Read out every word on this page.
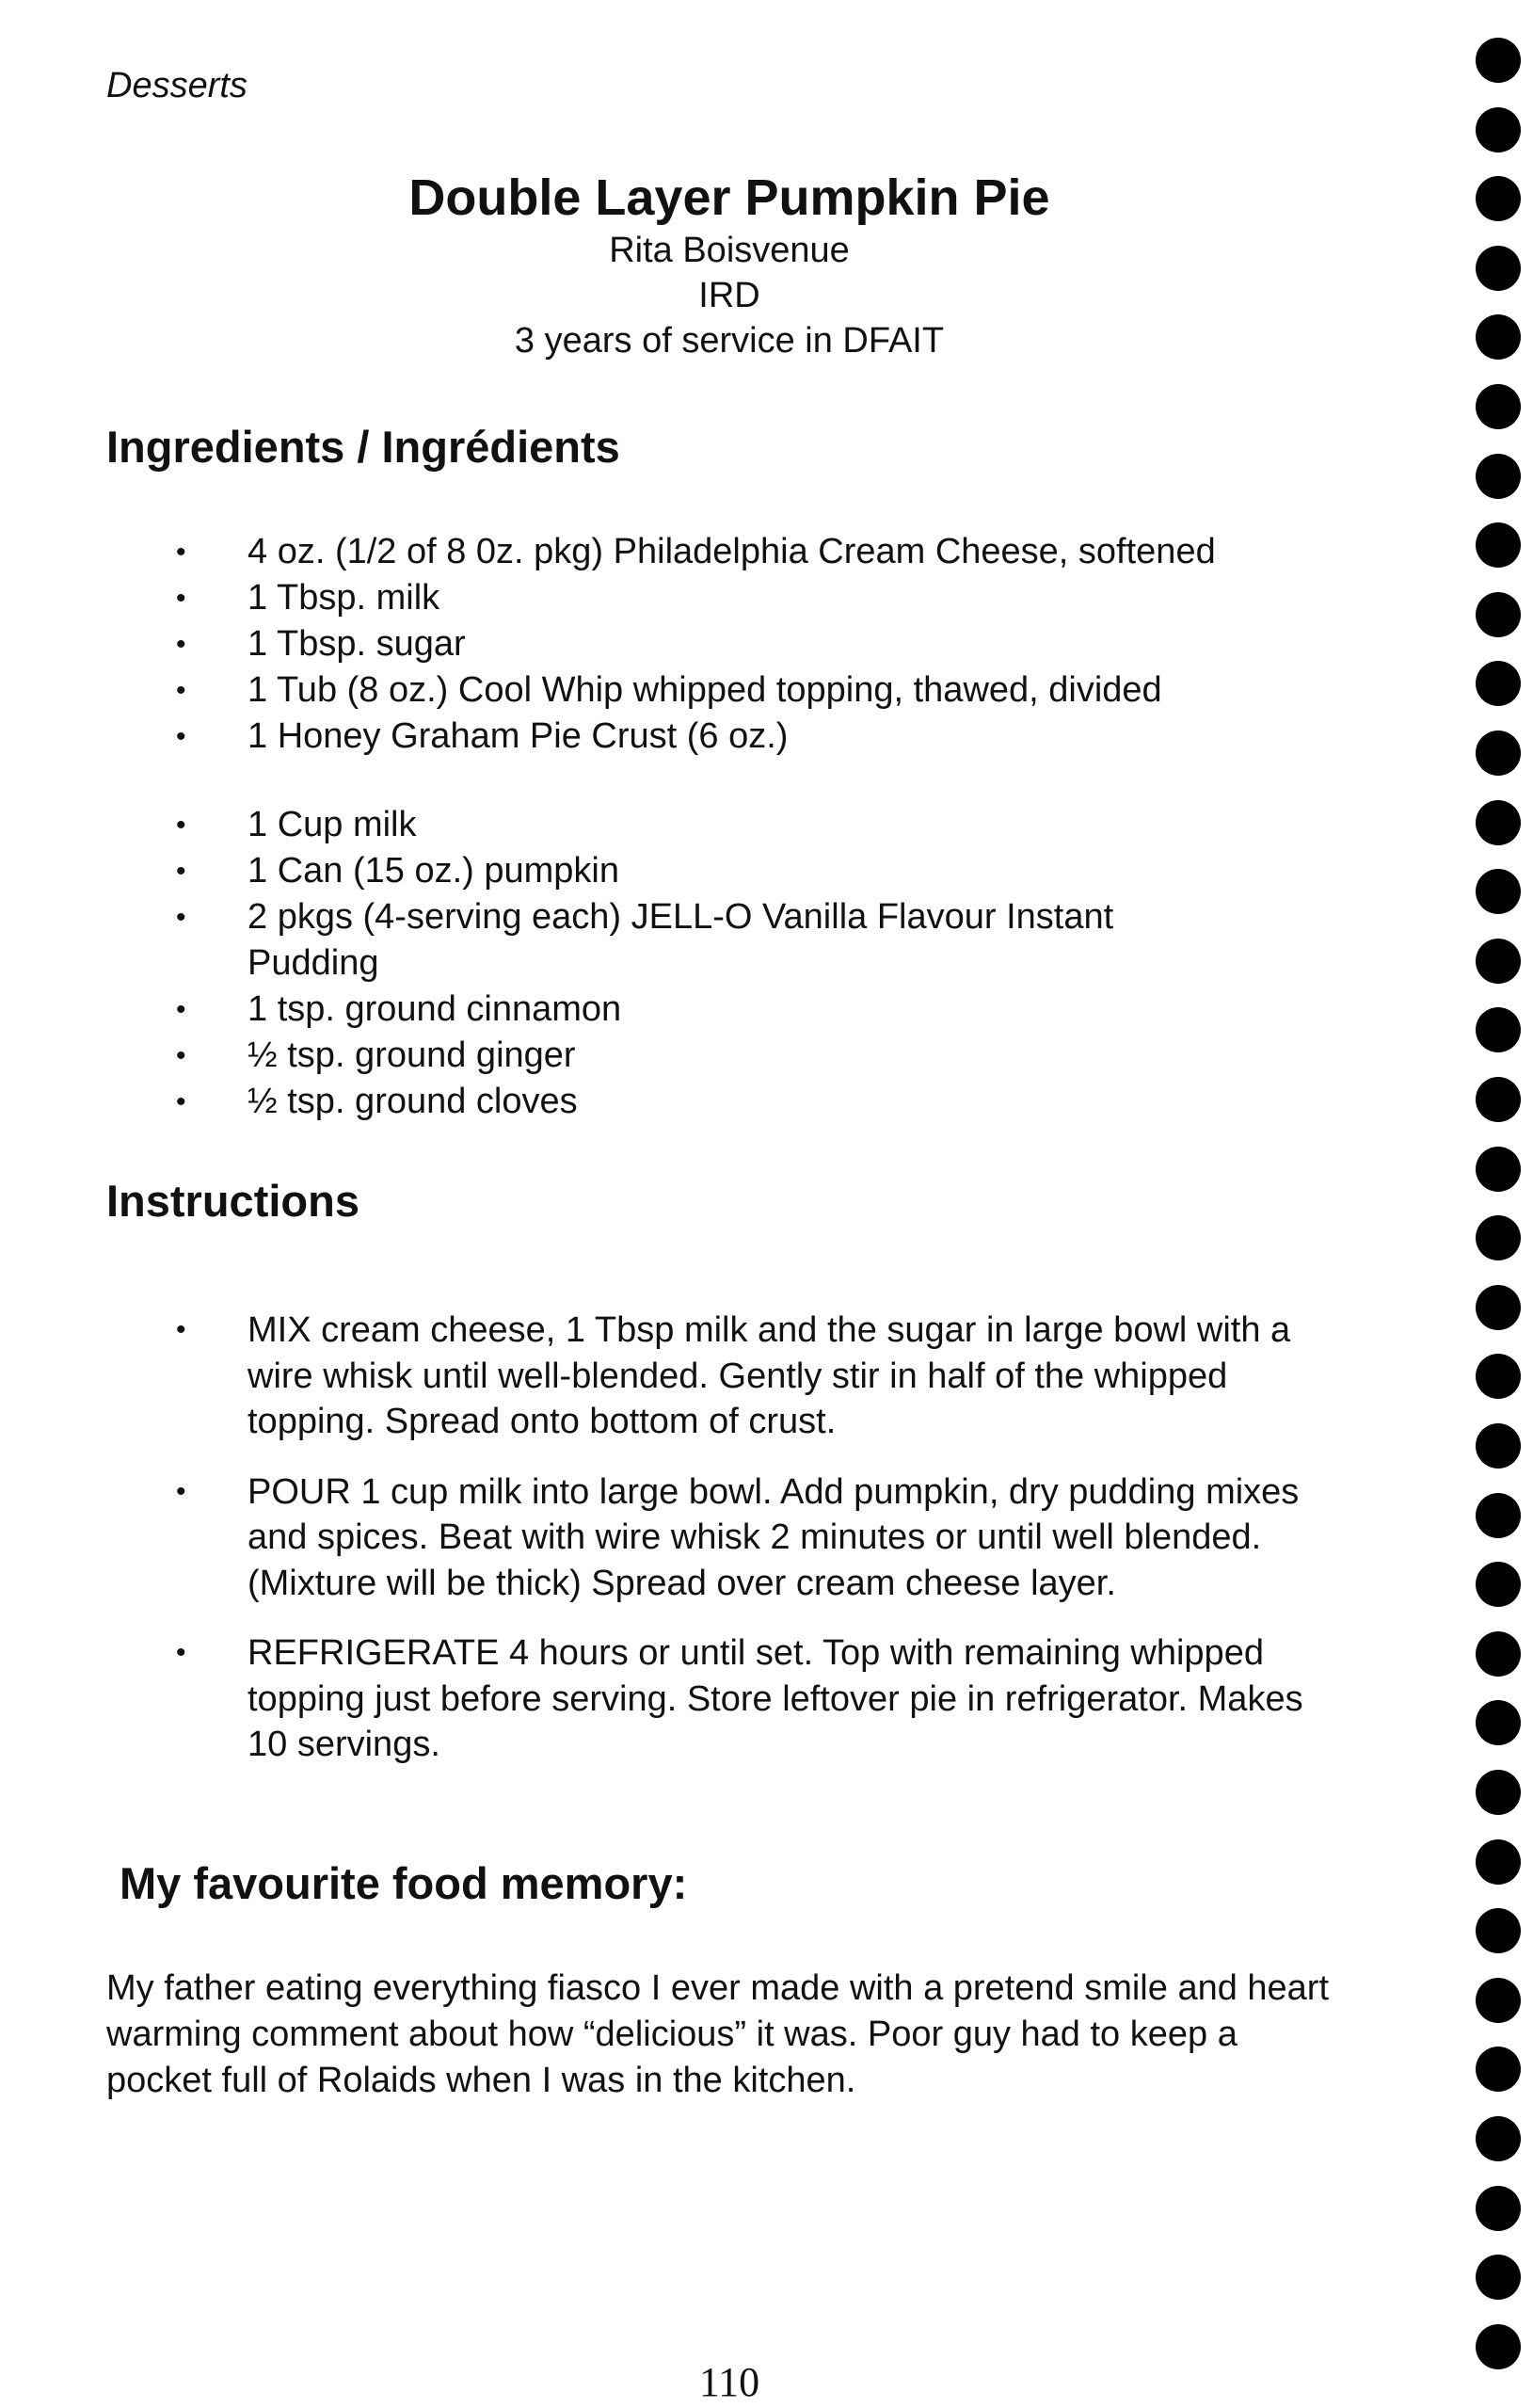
Desserts
Double Layer Pumpkin Pie
Rita Boisvenue
IRD
3 years of service in DFAIT
Ingredients / Ingrédients
• 4 oz. (1/2 of 8 0z. pkg) Philadelphia Cream Cheese, softened
• 1 Tbsp. milk
• 1 Tbsp. sugar
• 1 Tub (8 oz.) Cool Whip whipped topping, thawed, divided
• 1 Honey Graham Pie Crust (6 oz.)
• 1 Cup milk
• 1 Can (15 oz.) pumpkin
• 2 pkgs (4-serving each) JELL-O Vanilla Flavour Instant Pudding
• 1 tsp. ground cinnamon
• ½ tsp. ground ginger
• ½ tsp. ground cloves
Instructions
• MIX cream cheese, 1 Tbsp milk and the sugar in large bowl with a wire whisk until well-blended. Gently stir in half of the whipped topping. Spread onto bottom of crust.
• POUR 1 cup milk into large bowl. Add pumpkin, dry pudding mixes and spices. Beat with wire whisk 2 minutes or until well blended. (Mixture will be thick) Spread over cream cheese layer.
• REFRIGERATE 4 hours or until set. Top with remaining whipped topping just before serving. Store leftover pie in refrigerator. Makes 10 servings.
My favourite food memory:
My father eating everything fiasco I ever made with a pretend smile and heart warming comment about how “delicious” it was. Poor guy had to keep a pocket full of Rolaids when I was in the kitchen.
110
